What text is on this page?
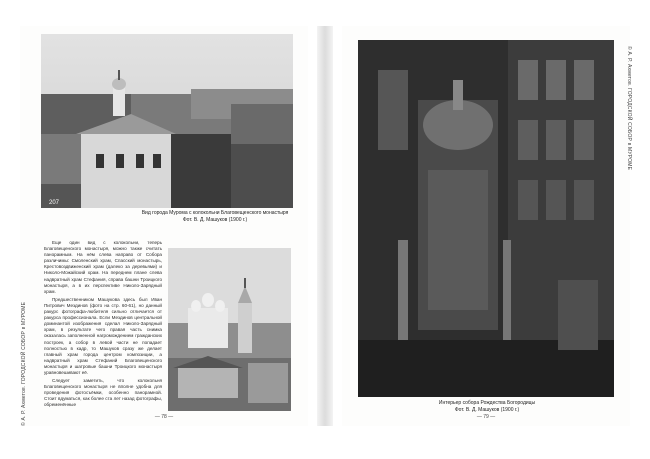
© А. Р. Ахметов. ГОРОДСКОЙ СОБОР в МУРОМЕ
207
Вид города Мурома с колокольни Благовещенского монастыря
Фот. В. Д. Машуков (1900 г.)

Еще один вид с колокольни, теперь Благовещенского монастыря, можно также считать панорамным. На нём слева направо от Собора различимы: Смоленский храм, Спасский монастырь, Крестовоздвиженский храм (далеко за деревьями) и Николо-Можайский храм. На переднем плане слева надвратный храм Стефания, справа башни Троицкого монастыря, а в их перспективе Николо-Зарядный храм.

Предшественником Машукова здесь был Иван Питрович Мездинов (фото на стр. 60-61), но данный ракурс фотографа-любителя сильно отличается от ракурса профессионала. Если Мездинов центральной доминантой изображения сделал Николо-Зарядный храм, в результате чего правая часть снимка оказалась заполненной нагромождением гражданских построек, а собор в левой части не попадает полностью в кадр, то Машуков сразу же делает главный храм города центром композиции, а надвратный храм Стефаний Благовещенского монастыря и шатровые башни Троицкого монастыря уравновешивают её.

Следует заметить, что колокольня Благовещенского монастыря не вполне удобна для проведения фотосъёмки, особенно панорамной. Стоит вдуматься, как более ста лет назад фотографы, обременённые

— 78 —
© А. Р. Ахметов. ГОРОДСКОЙ СОБОР в МУРОМЕ
Интерьер собора Рождества Богородицы
Фот. В. Д. Машуков (1900 г.)
— 79 —
